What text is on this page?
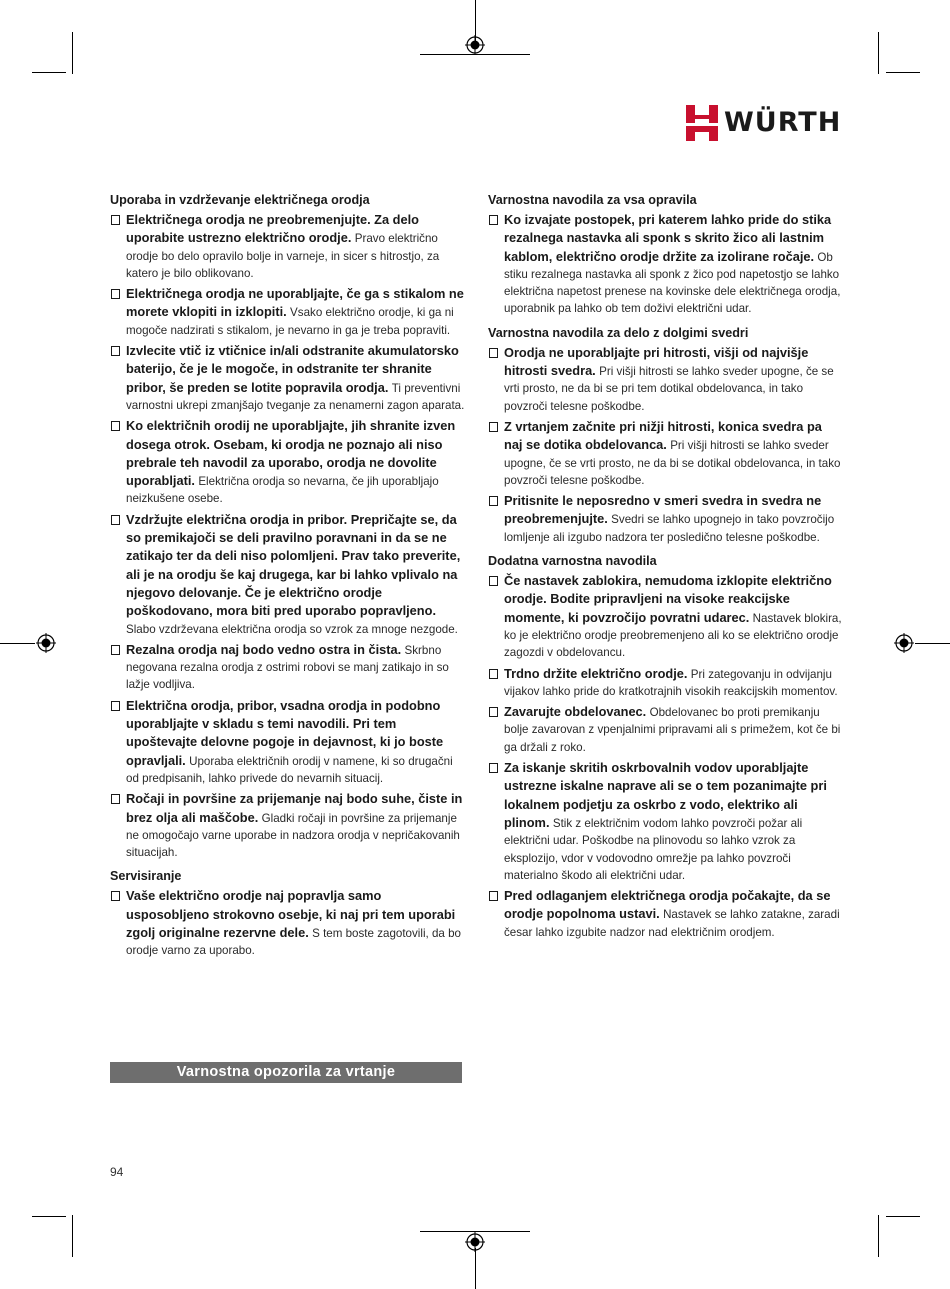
WÜRTH
Uporaba in vzdrževanje električnega orodja
Električnega orodja ne preobremenjujte. Za delo uporabite ustrezno električno orodje. Pravo električno orodje bo delo opravilo bolje in varneje, in sicer s hitrostjo, za katero je bilo oblikovano.
Električnega orodja ne uporabljajte, če ga s stikalom ne morete vklopiti in izklopiti. Vsako električno orodje, ki ga ni mogoče nadzirati s stikalom, je nevarno in ga je treba popraviti.
Izvlecite vtič iz vtičnice in/ali odstranite akumulatorsko baterijo, če je le mogoče, in odstranite ter shranite pribor, še preden se lotite popravila orodja. Ti preventivni varnostni ukrepi zmanjšajo tveganje za nenamerni zagon aparata.
Ko električnih orodij ne uporabljajte, jih shranite izven dosega otrok. Osebam, ki orodja ne poznajo ali niso prebrale teh navodil za uporabo, orodja ne dovolite uporabljati. Električna orodja so nevarna, če jih uporabljajo neizkušene osebe.
Vzdržujte električna orodja in pribor. Prepričajte se, da so premikajoči se deli pravilno poravnani in da se ne zatikajo ter da deli niso polomljeni. Prav tako preverite, ali je na orodju še kaj drugega, kar bi lahko vplivalo na njegovo delovanje. Če je električno orodje poškodovano, mora biti pred uporabo popravljeno. Slabo vzdrževana električna orodja so vzrok za mnoge nezgode.
Rezalna orodja naj bodo vedno ostra in čista. Skrbno negovana rezalna orodja z ostrimi robovi se manj zatikajo in so lažje vodljiva.
Električna orodja, pribor, vsadna orodja in podobno uporabljajte v skladu s temi navodili. Pri tem upoštevajte delovne pogoje in dejavnost, ki jo boste opravljali. Uporaba električnih orodij v namene, ki so drugačni od predpisanih, lahko privede do nevarnih situacij.
Ročaji in površine za prijemanje naj bodo suhe, čiste in brez olja ali maščobe. Gladki ročaji in površine za prijemanje ne omogočajo varne uporabe in nadzora orodja v nepričakovanih situacijah.
Servisiranje
Vaše električno orodje naj popravlja samo usposobljeno strokovno osebje, ki naj pri tem uporabi zgolj originalne rezervne dele. S tem boste zagotovili, da bo orodje varno za uporabo.
Varnostna navodila za vsa opravila
Ko izvajate postopek, pri katerem lahko pride do stika rezalnega nastavka ali sponk s skrito žico ali lastnim kablom, električno orodje držite za izolirane ročaje. Ob stiku rezalnega nastavka ali sponk z žico pod napetostjo se lahko električna napetost prenese na kovinske dele električnega orodja, uporabnik pa lahko ob tem doživi električni udar.
Varnostna navodila za delo z dolgimi svedri
Orodja ne uporabljajte pri hitrosti, višji od najvišje hitrosti svedra. Pri višji hitrosti se lahko sveder upogne, če se vrti prosto, ne da bi se pri tem dotikal obdelovanca, in tako povzroči telesne poškodbe.
Z vrtanjem začnite pri nižji hitrosti, konica svedra pa naj se dotika obdelovanca. Pri višji hitrosti se lahko sveder upogne, če se vrti prosto, ne da bi se dotikal obdelovanca, in tako povzroči telesne poškodbe.
Pritisnite le neposredno v smeri svedra in svedra ne preobremenjujte. Svedri se lahko upognejo in tako povzročijo lomljenje ali izgubo nadzora ter posledično telesne poškodbe.
Dodatna varnostna navodila
Če nastavek zablokira, nemudoma izklopite električno orodje. Bodite pripravljeni na visoke reakcijske momente, ki povzročijo povratni udarec. Nastavek blokira, ko je električno orodje preobremenjeno ali ko se električno orodje zagozdi v obdelovancu.
Trdno držite električno orodje. Pri zategovanju in odvijanju vijakov lahko pride do kratkotrajnih visokih reakcijskih momentov.
Zavarujte obdelovanec. Obdelovanec bo proti premikanju bolje zavarovan z vpenjalnimi pripravami ali s primežem, kot če bi ga držali z roko.
Za iskanje skritih oskrbovalnih vodov uporabljajte ustrezne iskalne naprave ali se o tem pozanimajte pri lokalnem podjetju za oskrbo z vodo, elektriko ali plinom. Stik z električnim vodom lahko povzroči požar ali električni udar. Poškodbe na plinovodu so lahko vzrok za eksplozijo, vdor v vodovodno omrežje pa lahko povzroči materialno škodo ali električni udar.
Pred odlaganjem električnega orodja počakajte, da se orodje popolnoma ustavi. Nastavek se lahko zatakne, zaradi česar lahko izgubite nadzor nad električnim orodjem.
Varnostna opozorila za vrtanje
94
